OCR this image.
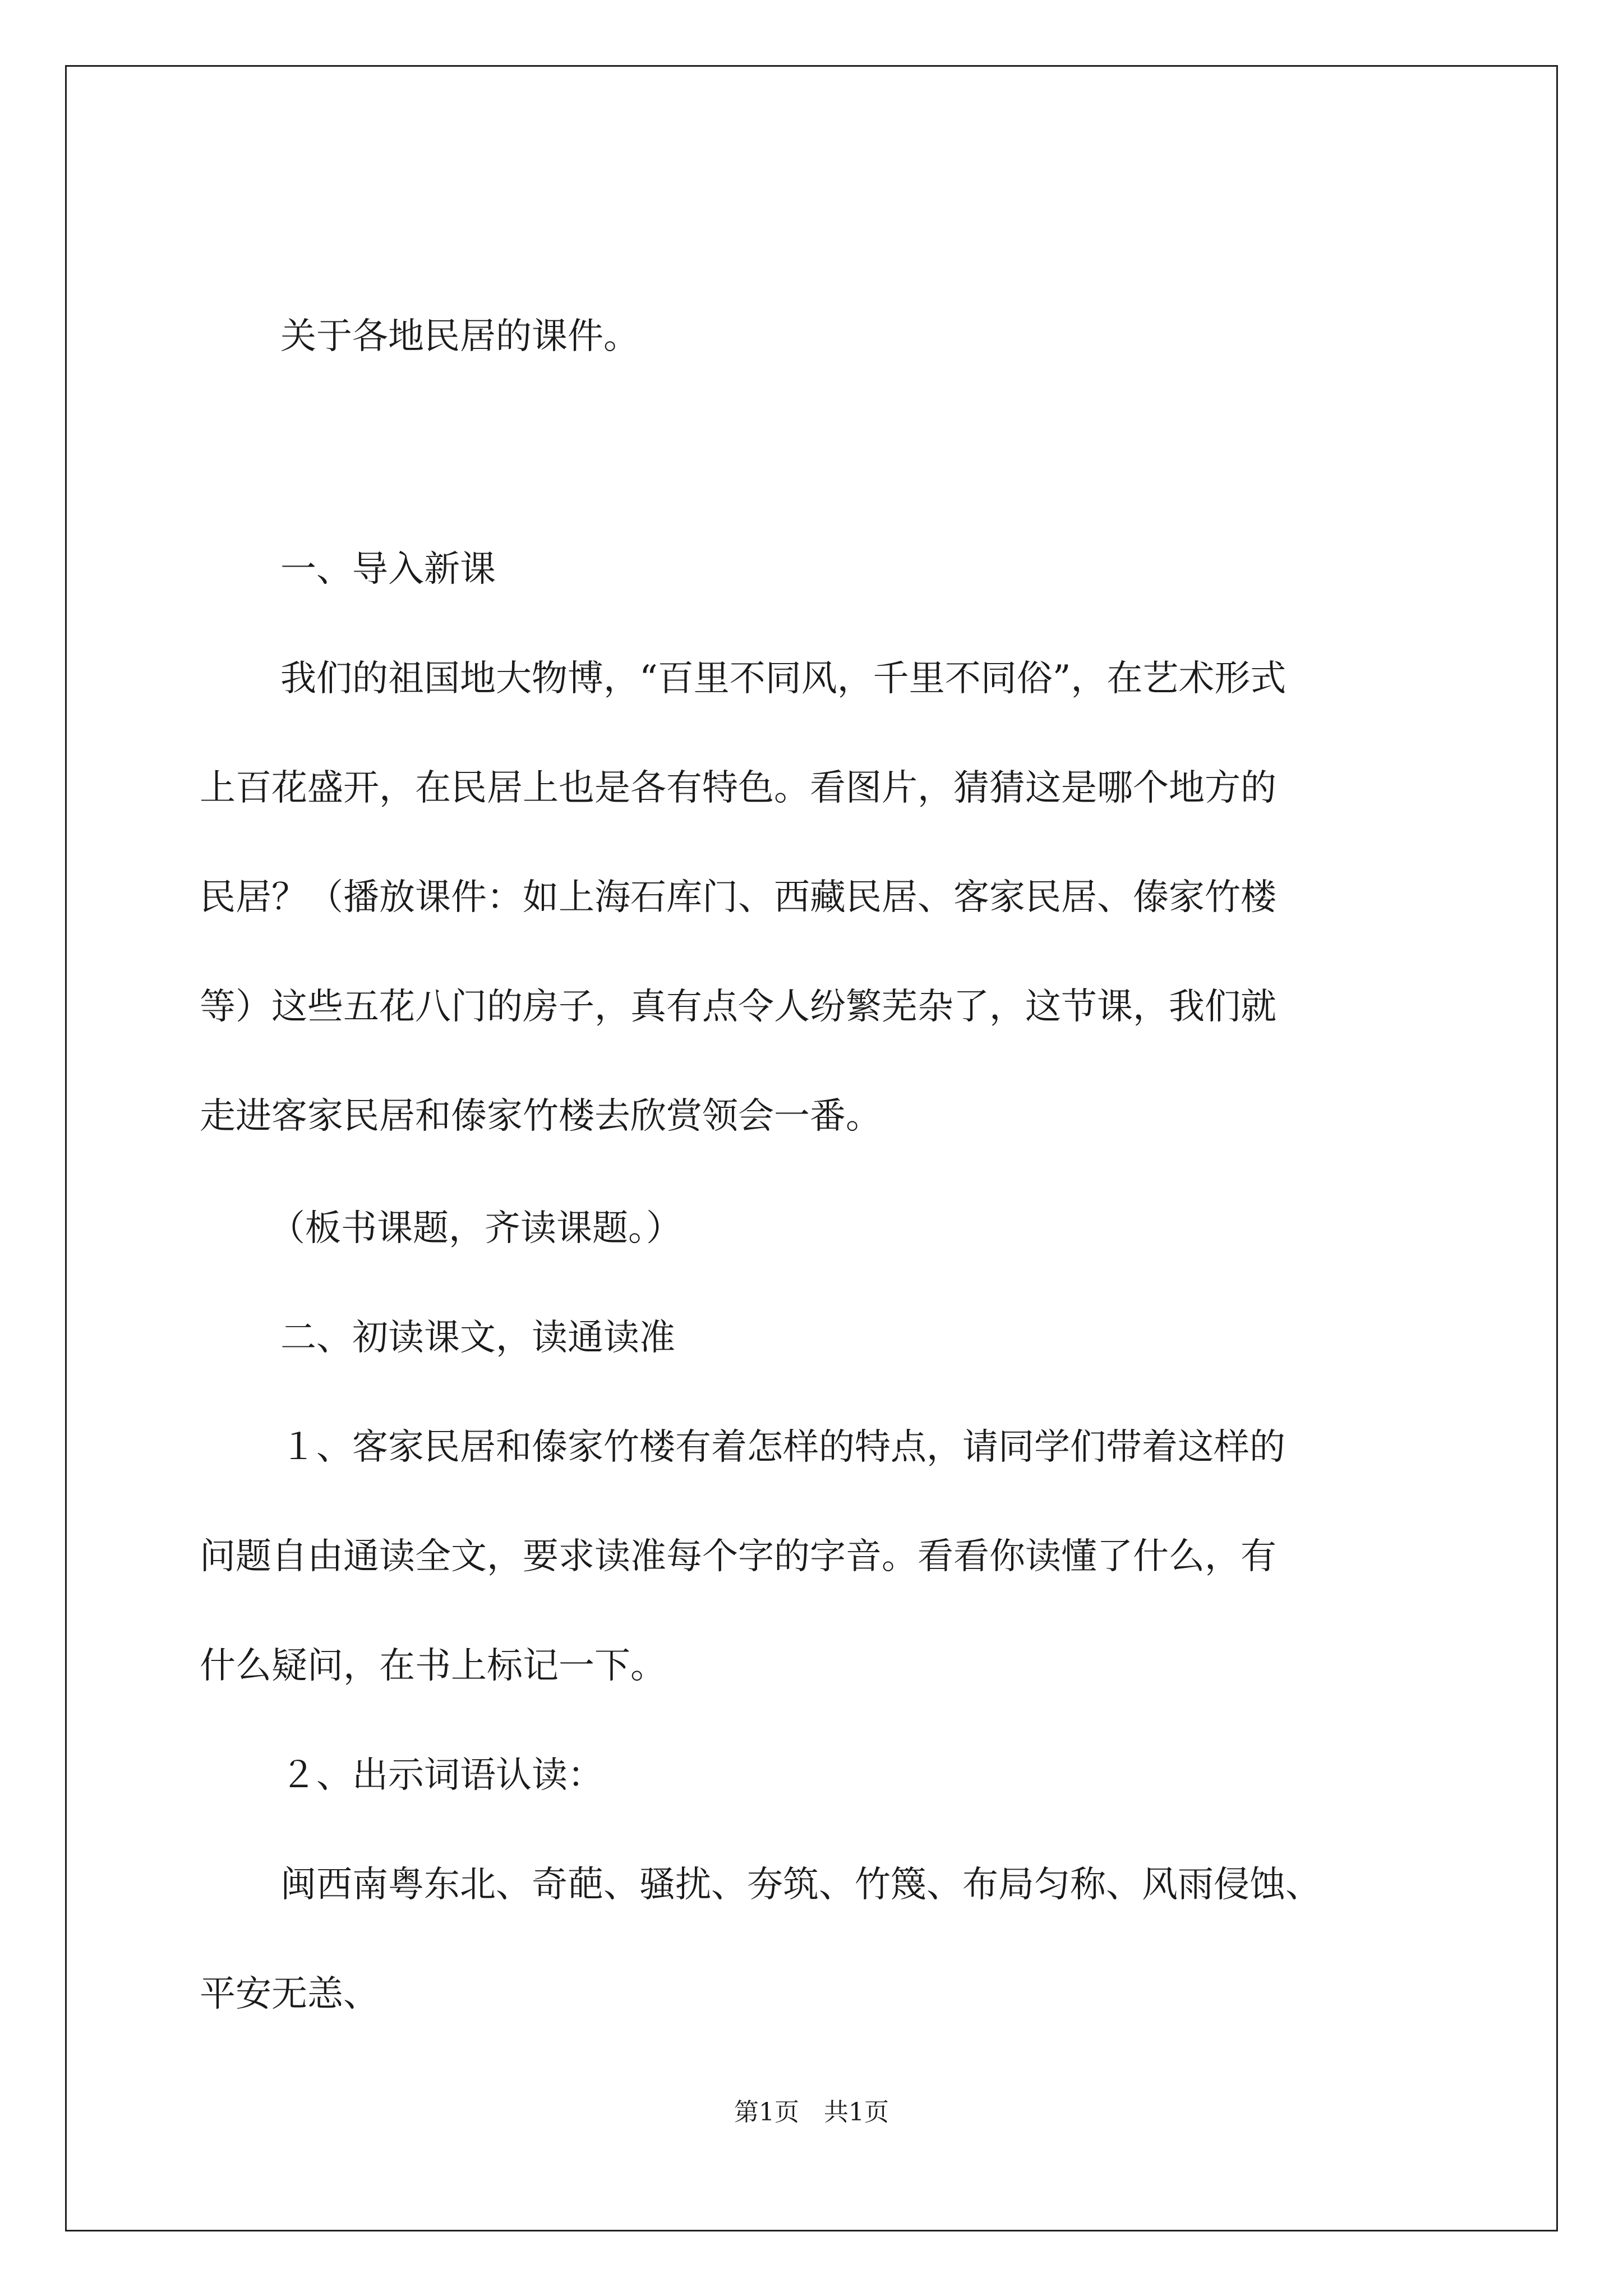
关于各地民居的课件。
一、导入新课
我们的祖国地大物博，“百里不同风，千里不同俗”，在艺术形式
上百花盛开，在民居上也是各有特色。看图片，猜猜这是哪个地方的
民居？（播放课件：如上海石库门、西藏民居、客家民居、傣家竹楼
等）这些五花八门的房子，真有点令人纷繁芜杂了，这节课，我们就
走进客家民居和傣家竹楼去欣赏领会一番。
（板书课题，齐读课题。）
二、初读课文，读通读准
１、客家民居和傣家竹楼有着怎样的特点，请同学们带着这样的
问题自由通读全文，要求读准每个字的字音。看看你读懂了什么，有
什么疑问，在书上标记一下。
２、出示词语认读：
闽西南粤东北、奇葩、骚扰、夯筑、竹篾、布局匀称、风雨侵蚀、
平安无恙、
第1页　共1页
